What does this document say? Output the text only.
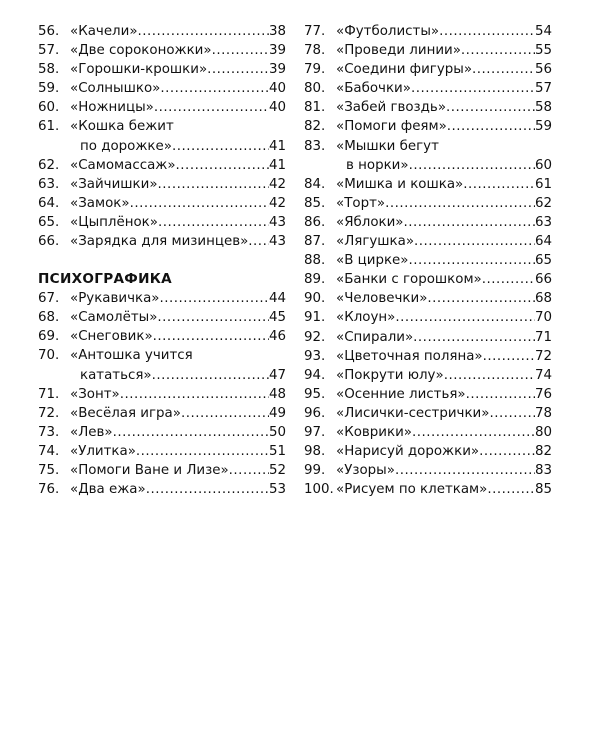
56. «Качели» .....	38
57. «Две сороконожки» .....	39
58. «Горошки-крошки» .....	39
59. «Солнышко» .....	40
60. «Ножницы» .....	40
61. «Кошка бежит
по дорожке» .....	41
62. «Самомассаж» .....	41
63. «Зайчишки» .....	42
64. «Замок» .....	42
65. «Цыплёнок» .....	43
66. «Зарядка для мизинцев» ..... 43
ПСИХОГРАФИКА
67. «Рукавичка» .....	44
68. «Самолёты» .....	45
69. «Снеговик» .....	46
70. «Антошка учится
кататься» .....	47
71. «Зонт» .....	48
72. «Весёлая игра» .....	49
73. «Лев» .....	50
74. «Улитка» .....	51
75. «Помоги Ване и Лизе» .....	52
76. «Два ежа» .....	53
77. «Футболисты» .....	54
78. «Проведи линии» .....	55
79. «Соедини фигуры» .....	56
80. «Бабочки» .....	57
81. «Забей гвоздь» .....	58
82. «Помоги феям» .....	59
83. «Мышки бегут
в норки» .....	60
84. «Мишка и кошка» .....	61
85. «Торт» .....	62
86. «Яблоки» .....	63
87. «Лягушка» .....	64
88. «В цирке» .....	65
89. «Банки с горошком» .....	66
90. «Человечки» .....	68
91. «Клоун» .....	70
92. «Спирали» .....	71
93. «Цветочная поляна» .....	72
94. «Покрути юлу» .....	74
95. «Осенние листья» .....	76
96. «Лисички-сестрички» .....	78
97. «Коврики» .....	80
98. «Нарисуй дорожки» .....	82
99. «Узоры» .....	83
100. «Рисуем по клеткам» .....	85
